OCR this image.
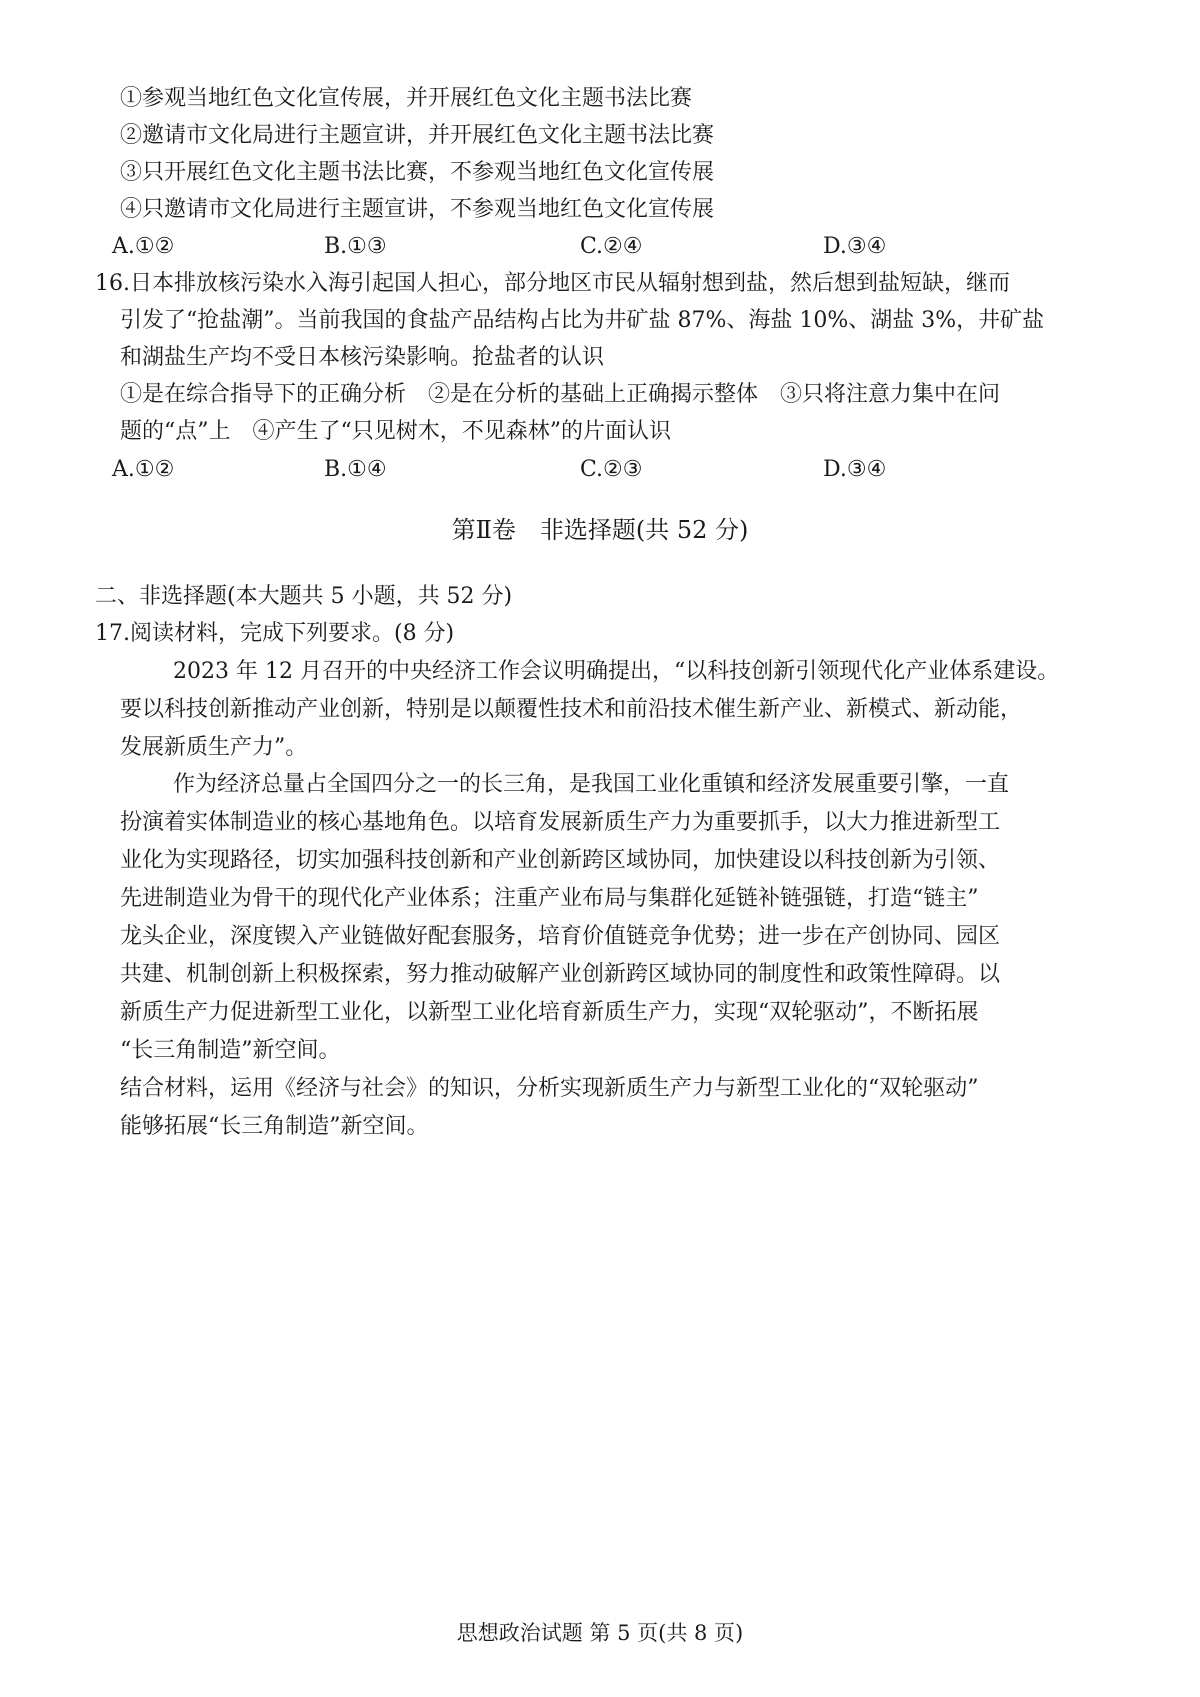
①参观当地红色文化宣传展，并开展红色文化主题书法比赛
②邀请市文化局进行主题宣讲，并开展红色文化主题书法比赛
③只开展红色文化主题书法比赛，不参观当地红色文化宣传展
④只邀请市文化局进行主题宣讲，不参观当地红色文化宣传展
A.①②	B.①③	C.②④	D.③④
16.日本排放核污染水入海引起国人担心，部分地区市民从辐射想到盐，然后想到盐短缺，继而
引发了“抢盐潮”。当前我国的食盐产品结构占比为井矿盐 87%、海盐 10%、湖盐 3%，井矿盐
和湖盐生产均不受日本核污染影响。抢盐者的认识
①是在综合指导下的正确分析　②是在分析的基础上正确揭示整体　③只将注意力集中在问
题的“点”上　④产生了“只见树木，不见森林”的片面认识
A.①②	B.①④	C.②③	D.③④
第Ⅱ卷　非选择题(共 52 分)
二、非选择题(本大题共 5 小题，共 52 分)
17.阅读材料，完成下列要求。(8 分)
2023 年 12 月召开的中央经济工作会议明确提出，“以科技创新引领现代化产业体系建设。
要以科技创新推动产业创新，特别是以颠覆性技术和前沿技术催生新产业、新模式、新动能，
发展新质生产力”。
作为经济总量占全国四分之一的长三角，是我国工业化重镇和经济发展重要引擎，一直
扮演着实体制造业的核心基地角色。以培育发展新质生产力为重要抓手，以大力推进新型工
业化为实现路径，切实加强科技创新和产业创新跨区域协同，加快建设以科技创新为引领、
先进制造业为骨干的现代化产业体系；注重产业布局与集群化延链补链强链，打造“链主”
龙头企业，深度锲入产业链做好配套服务，培育价值链竞争优势；进一步在产创协同、园区
共建、机制创新上积极探索，努力推动破解产业创新跨区域协同的制度性和政策性障碍。以
新质生产力促进新型工业化，以新型工业化培育新质生产力，实现“双轮驱动”，不断拓展
“长三角制造”新空间。
结合材料，运用《经济与社会》的知识，分析实现新质生产力与新型工业化的“双轮驱动”
能够拓展“长三角制造”新空间。
思想政治试题 第 5 页(共 8 页)
